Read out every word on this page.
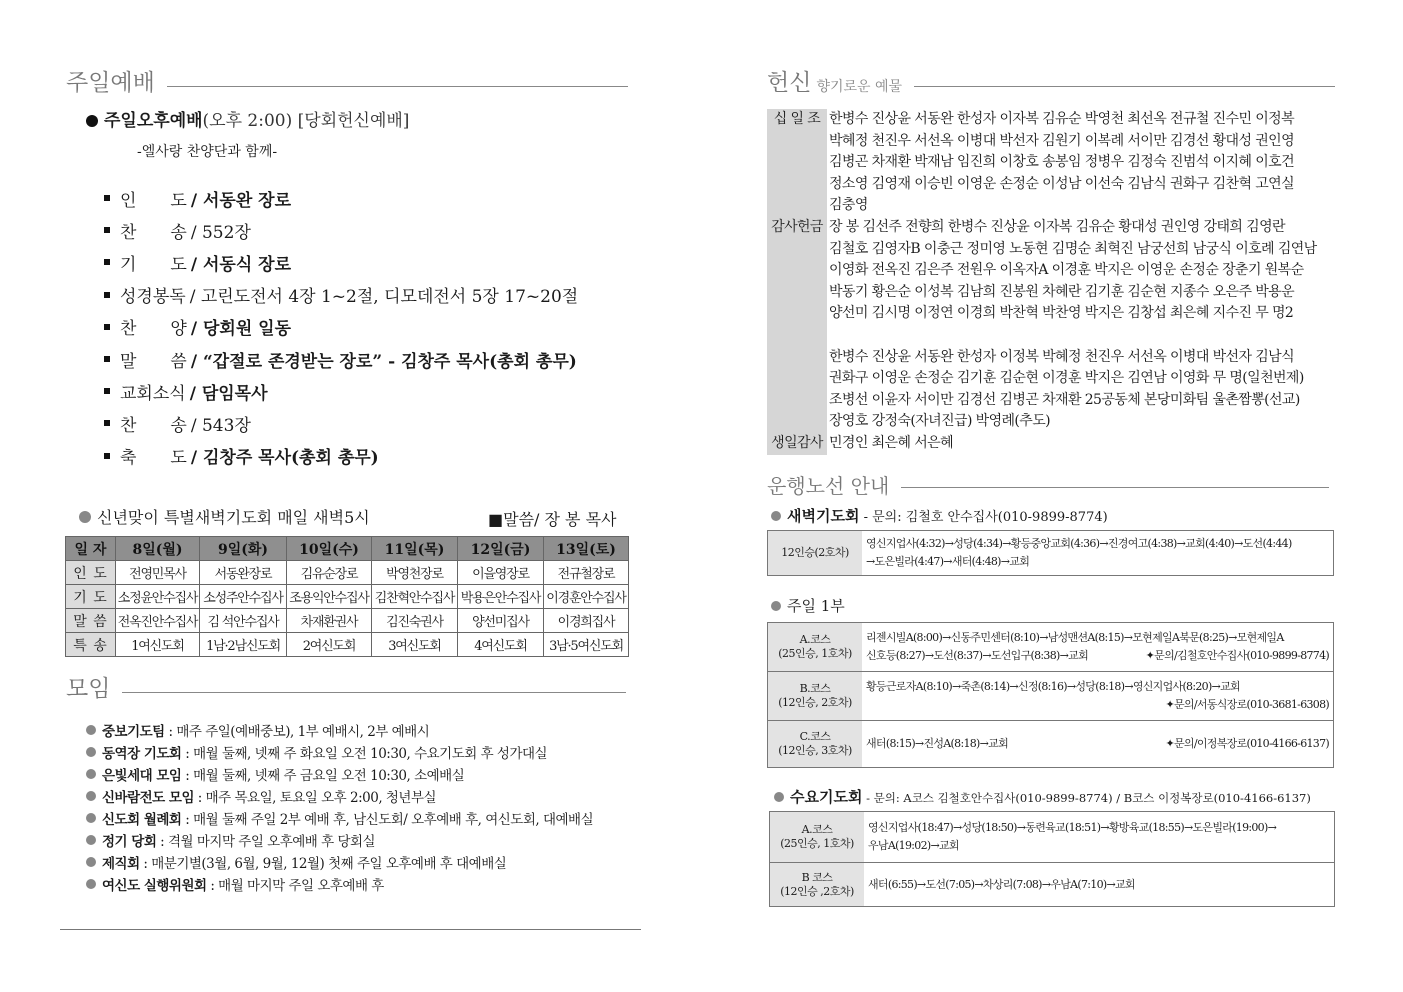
주일예배
주일오후예배(오후 2:00) [당회헌신예배]
-엘사랑 찬양단과 함께-
인　　도 / 서동완 장로
찬　　송 / 552장
기　　도 / 서동식 장로
성경봉독 / 고린도전서 4장 1~2절, 디모데전서 5장 17~20절
찬　　양 / 당회원 일동
말　　씀 / “갑절로 존경받는 장로” - 김창주 목사(총회 총무)
교회소식 / 담임목사
찬　　송 / 543장
축　　도 / 김창주 목사(총회 총무)
신년맞이 특별새벽기도회 매일 새벽5시	■말씀/ 장 봉 목사
일 자	8일(월)	9일(화)	10일(수)	11일(목)	12일(금)	13일(토)
인 도	전영민목사	서동완장로	김유순장로	박영천장로	이을영장로	전규철장로
기 도	소정윤안수집사	소성주안수집사	조용익안수집사	김찬혁안수집사	박용은안수집사	이경훈안수집사
말 씀	전옥진안수집사	김 석안수집사	차재환권사	김진숙권사	양선미집사	이경희집사
특 송	1여신도회	1남·2남신도회	2여신도회	3여신도회	4여신도회	3남·5여신도회
모임
중보기도팀 : 매주 주일(예배중보), 1부 예배시, 2부 예배시
동역장 기도회 : 매월 둘째, 넷째 주 화요일 오전 10:30, 수요기도회 후 성가대실
은빛세대 모임 : 매월 둘째, 넷째 주 금요일 오전 10:30, 소예배실
신바람전도 모임 : 매주 목요일, 토요일 오후 2:00, 청년부실
신도회 월례회 : 매월 둘째 주일 2부 예배 후, 남신도회/ 오후예배 후, 여신도회, 대예배실
정기 당회 : 격월 마지막 주일 오후예배 후 당회실
제직회 : 매분기별(3월, 6월, 9월, 12월) 첫째 주일 오후예배 후 대예배실
여신도 실행위원회 : 매월 마지막 주일 오후예배 후
헌신 향기로운 예물
십 일 조 한병수 진상윤 서동완 한성자 이자복 김유순 박영천 최선옥 전규철 진수민 이정복
박혜정 천진우 서선옥 이병대 박선자 김원기 이복례 서이만 김경선 황대성 권인영
김병곤 차재환 박재남 임진희 이창호 송봉임 정병우 김정숙 진범석 이지혜 이호건
정소영 김영재 이승빈 이영운 손정순 이성남 이선숙 김남식 권화구 김찬혁 고연실
김충영
감사헌금 장 봉 김선주 전향희 한병수 진상윤 이자복 김유순 황대성 권인영 강태희 김영란
김철호 김영자B 이충근 정미영 노동현 김명순 최혁진 남궁선희 남궁식 이호례 김연남
이영화 전옥진 김은주 전원우 이옥자A 이경훈 박지은 이영운 손정순 장춘기 원복순
박동기 황은순 이성복 김남희 진봉원 차혜란 김기훈 김순현 지종수 오은주 박용운
양선미 김시명 이정연 이경희 박찬혁 박찬영 박지은 김창섭 최은혜 지수진 무 명2
한병수 진상윤 서동완 한성자 이정복 박혜정 천진우 서선옥 이병대 박선자 김남식
권화구 이영운 손정순 김기훈 김순현 이경훈 박지은 김연남 이영화 무 명(일천번제)
조병선 이윤자 서이만 김경선 김병곤 차재환 25공동체 본당미화팀 울촌짬뽕(선교)
장영호 강정숙(자녀진급) 박영례(추도)
생일감사 민경인 최은혜 서은혜
운행노선 안내
새벽기도회 - 문의: 김철호 안수집사(010-9899-8774)
12인승(2호차)
영신지업사(4:32)→성당(4:34)→황등중앙교회(4:36)→진경여고(4:38)→교회(4:40)→도선(4:44)
→도은빌라(4:47)→새터(4:48)→교회
주일 1부
A.코스
(25인승, 1호차)
리젠시빌A(8:00)→신동주민센터(8:10)→남성맨션A(8:15)→모현제일A북문(8:25)→모현제일A
신호등(8:27)→도선(8:37)→도선입구(8:38)→교회	✦문의/김철호안수집사(010-9899-8774)
B.코스
(12인승, 2호차)
황등근로자A(8:10)→죽촌(8:14)→신정(8:16)→성당(8:18)→영신지업사(8:20)→교회
✦문의/서동식장로(010-3681-6308)
C.코스
(12인승, 3호차)
새터(8:15)→진성A(8:18)→교회	✦문의/이정복장로(010-4166-6137)
수요기도회 - 문의: A코스 김철호안수집사(010-9899-8774) / B코스 이정복장로(010-4166-6137)
A.코스
(25인승, 1호차)
영신지업사(18:47)→성당(18:50)→동련육교(18:51)→황방육교(18:55)→도은빌라(19:00)→
우남A(19:02)→교회
B 코스
(12인승 ,2호차)
새터(6:55)→도선(7:05)→차상리(7:08)→우남A(7:10)→교회
